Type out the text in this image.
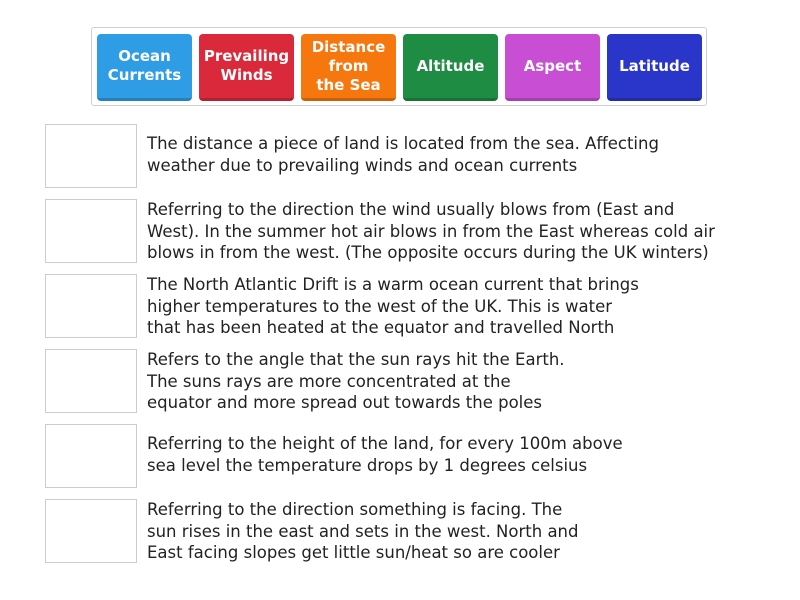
Ocean
Currents
Prevailing
Winds
Distance
from
the Sea
Altitude	Aspect	Latitude
The distance a piece of land is located from the sea. Affecting
weather due to prevailing winds and ocean currents
Referring to the direction the wind usually blows from (East and
West). In the summer hot air blows in from the East whereas cold air
blows in from the west. (The opposite occurs during the UK winters)
The North Atlantic Drift is a warm ocean current that brings
higher temperatures to the west of the UK. This is water
that has been heated at the equator and travelled North
Refers to the angle that the sun rays hit the Earth.
The suns rays are more concentrated at the
equator and more spread out towards the poles
Referring to the height of the land, for every 100m above
sea level the temperature drops by 1 degrees celsius
Referring to the direction something is facing. The
sun rises in the east and sets in the west. North and
East facing slopes get little sun/heat so are cooler
